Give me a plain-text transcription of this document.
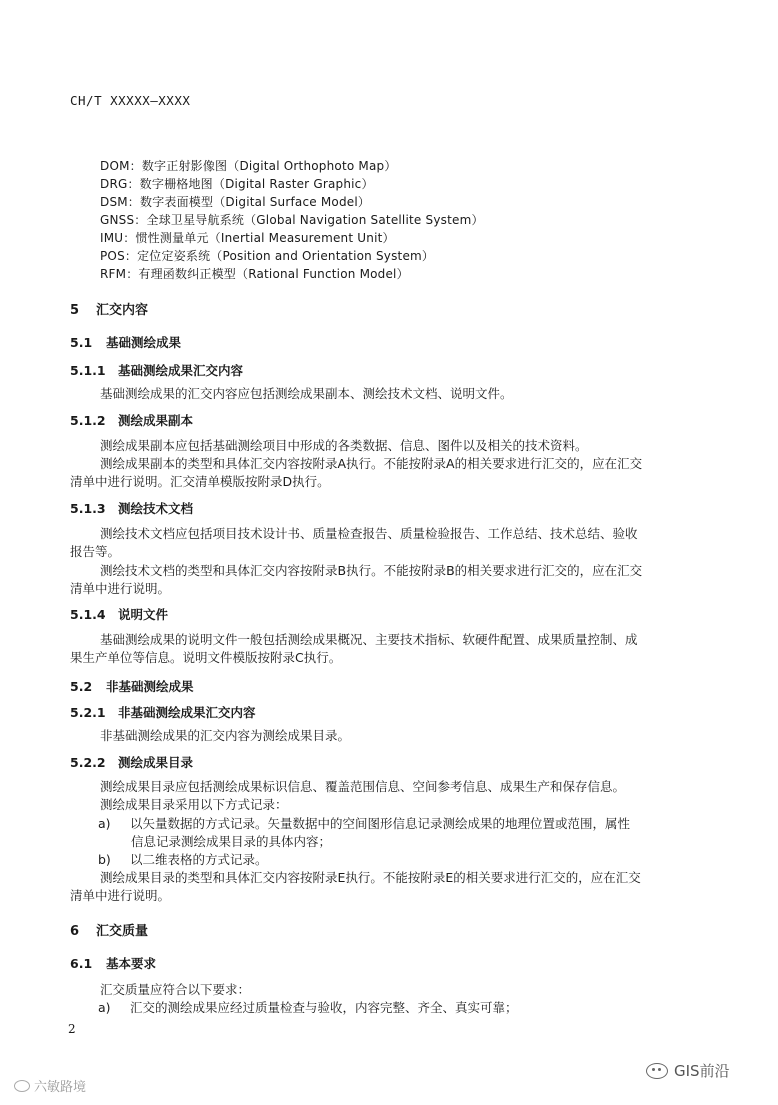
CH/T XXXXX—XXXX
DOM：数字正射影像图（Digital Orthophoto Map）
DRG：数字栅格地图（Digital Raster Graphic）
DSM：数字表面模型（Digital Surface Model）
GNSS：全球卫星导航系统（Global Navigation Satellite System）
IMU：惯性测量单元（Inertial Measurement Unit）
POS：定位定姿系统（Position and Orientation System）
RFM：有理函数纠正模型（Rational Function Model）
5 汇交内容
5.1 基础测绘成果
5.1.1 基础测绘成果汇交内容
基础测绘成果的汇交内容应包括测绘成果副本、测绘技术文档、说明文件。
5.1.2 测绘成果副本
测绘成果副本应包括基础测绘项目中形成的各类数据、信息、图件以及相关的技术资料。
测绘成果副本的类型和具体汇交内容按附录A执行。不能按附录A的相关要求进行汇交的，应在汇交
清单中进行说明。汇交清单模版按附录D执行。
5.1.3 测绘技术文档
测绘技术文档应包括项目技术设计书、质量检查报告、质量检验报告、工作总结、技术总结、验收
报告等。
测绘技术文档的类型和具体汇交内容按附录B执行。不能按附录B的相关要求进行汇交的，应在汇交
清单中进行说明。
5.1.4 说明文件
基础测绘成果的说明文件一般包括测绘成果概况、主要技术指标、软硬件配置、成果质量控制、成
果生产单位等信息。说明文件模版按附录C执行。
5.2 非基础测绘成果
5.2.1 非基础测绘成果汇交内容
非基础测绘成果的汇交内容为测绘成果目录。
5.2.2 测绘成果目录
测绘成果目录应包括测绘成果标识信息、覆盖范围信息、空间参考信息、成果生产和保存信息。
测绘成果目录采用以下方式记录：
a) 以矢量数据的方式记录。矢量数据中的空间图形信息记录测绘成果的地理位置或范围，属性
信息记录测绘成果目录的具体内容；
b) 以二维表格的方式记录。
测绘成果目录的类型和具体汇交内容按附录E执行。不能按附录E的相关要求进行汇交的，应在汇交
清单中进行说明。
6 汇交质量
6.1 基本要求
汇交质量应符合以下要求：
a) 汇交的测绘成果应经过质量检查与验收，内容完整、齐全、真实可靠；
2
六敏路境
GIS前沿
